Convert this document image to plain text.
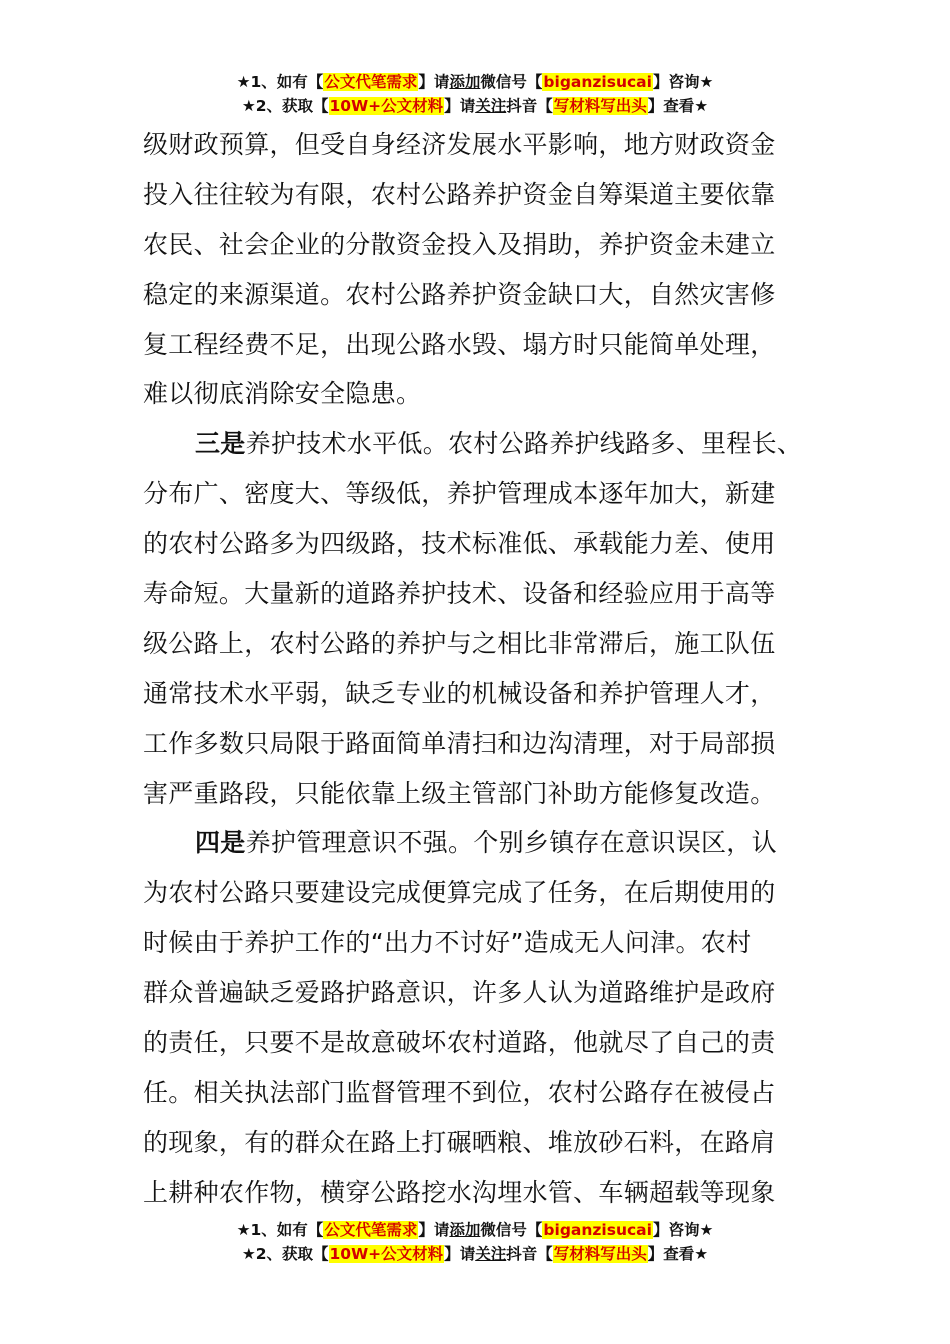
★1、如有【公文代笔需求】请添加微信号【biganzisucai】咨询★
★2、获取【10W+公文材料】请关注抖音【写材料写出头】查看★
级财政预算，但受自身经济发展水平影响，地方财政资金
投入往往较为有限，农村公路养护资金自筹渠道主要依靠
农民、社会企业的分散资金投入及捐助，养护资金未建立
稳定的来源渠道。农村公路养护资金缺口大，自然灾害修
复工程经费不足，出现公路水毁、塌方时只能简单处理，
难以彻底消除安全隐患。
三是养护技术水平低。农村公路养护线路多、里程长、
分布广、密度大、等级低，养护管理成本逐年加大，新建
的农村公路多为四级路，技术标准低、承载能力差、使用
寿命短。大量新的道路养护技术、设备和经验应用于高等
级公路上，农村公路的养护与之相比非常滞后，施工队伍
通常技术水平弱，缺乏专业的机械设备和养护管理人才，
工作多数只局限于路面简单清扫和边沟清理，对于局部损
害严重路段，只能依靠上级主管部门补助方能修复改造。
四是养护管理意识不强。个别乡镇存在意识误区，认
为农村公路只要建设完成便算完成了任务，在后期使用的
时候由于养护工作的“出力不讨好”造成无人问津。农村
群众普遍缺乏爱路护路意识，许多人认为道路维护是政府
的责任，只要不是故意破坏农村道路，他就尽了自己的责
任。相关执法部门监督管理不到位，农村公路存在被侵占
的现象，有的群众在路上打碾晒粮、堆放砂石料，在路肩
上耕种农作物，横穿公路挖水沟埋水管、车辆超载等现象
★1、如有【公文代笔需求】请添加微信号【biganzisucai】咨询★
★2、获取【10W+公文材料】请关注抖音【写材料写出头】查看★
